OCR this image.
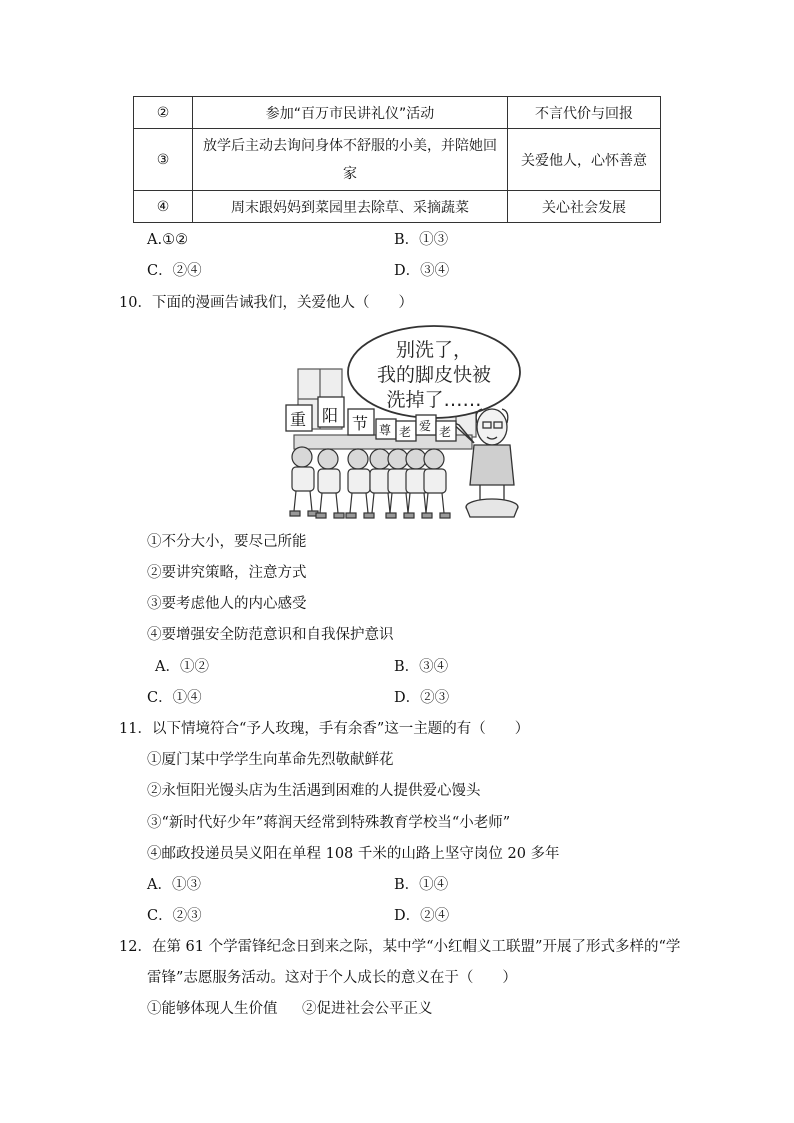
②	参加“百万市民讲礼仪”活动	不言代价与回报
③	放学后主动去询问身体不舒服的小美，并陪她回
家	关爱他人，心怀善意
④	周末跟妈妈到菜园里去除草、采摘蔬菜	关心社会发展
A.①②	B．①③
C．②④	D．③④
10．下面的漫画告诫我们，关爱他人（　　）
别洗了，
我的脚皮快被
洗掉了……
重 阳 节 尊 老 爱 老
①不分大小，要尽己所能
②要讲究策略，注意方式
③要考虑他人的内心感受
④要增强安全防范意识和自我保护意识
A．①②	B．③④
C．①④	D．②③
11．以下情境符合“予人玫瑰，手有余香”这一主题的有（　　）
①厦门某中学学生向革命先烈敬献鲜花
②永恒阳光馒头店为生活遇到困难的人提供爱心馒头
③“新时代好少年”蒋润天经常到特殊教育学校当“小老师”
④邮政投递员吴义阳在单程 108 千米的山路上坚守岗位 20 多年
A．①③	B．①④
C．②③	D．②④
12．在第 61 个学雷锋纪念日到来之际，某中学“小红帽义工联盟”开展了形式多样的“学
雷锋”志愿服务活动。这对于个人成长的意义在于（　　）
①能够体现人生价值 ②促进社会公平正义
